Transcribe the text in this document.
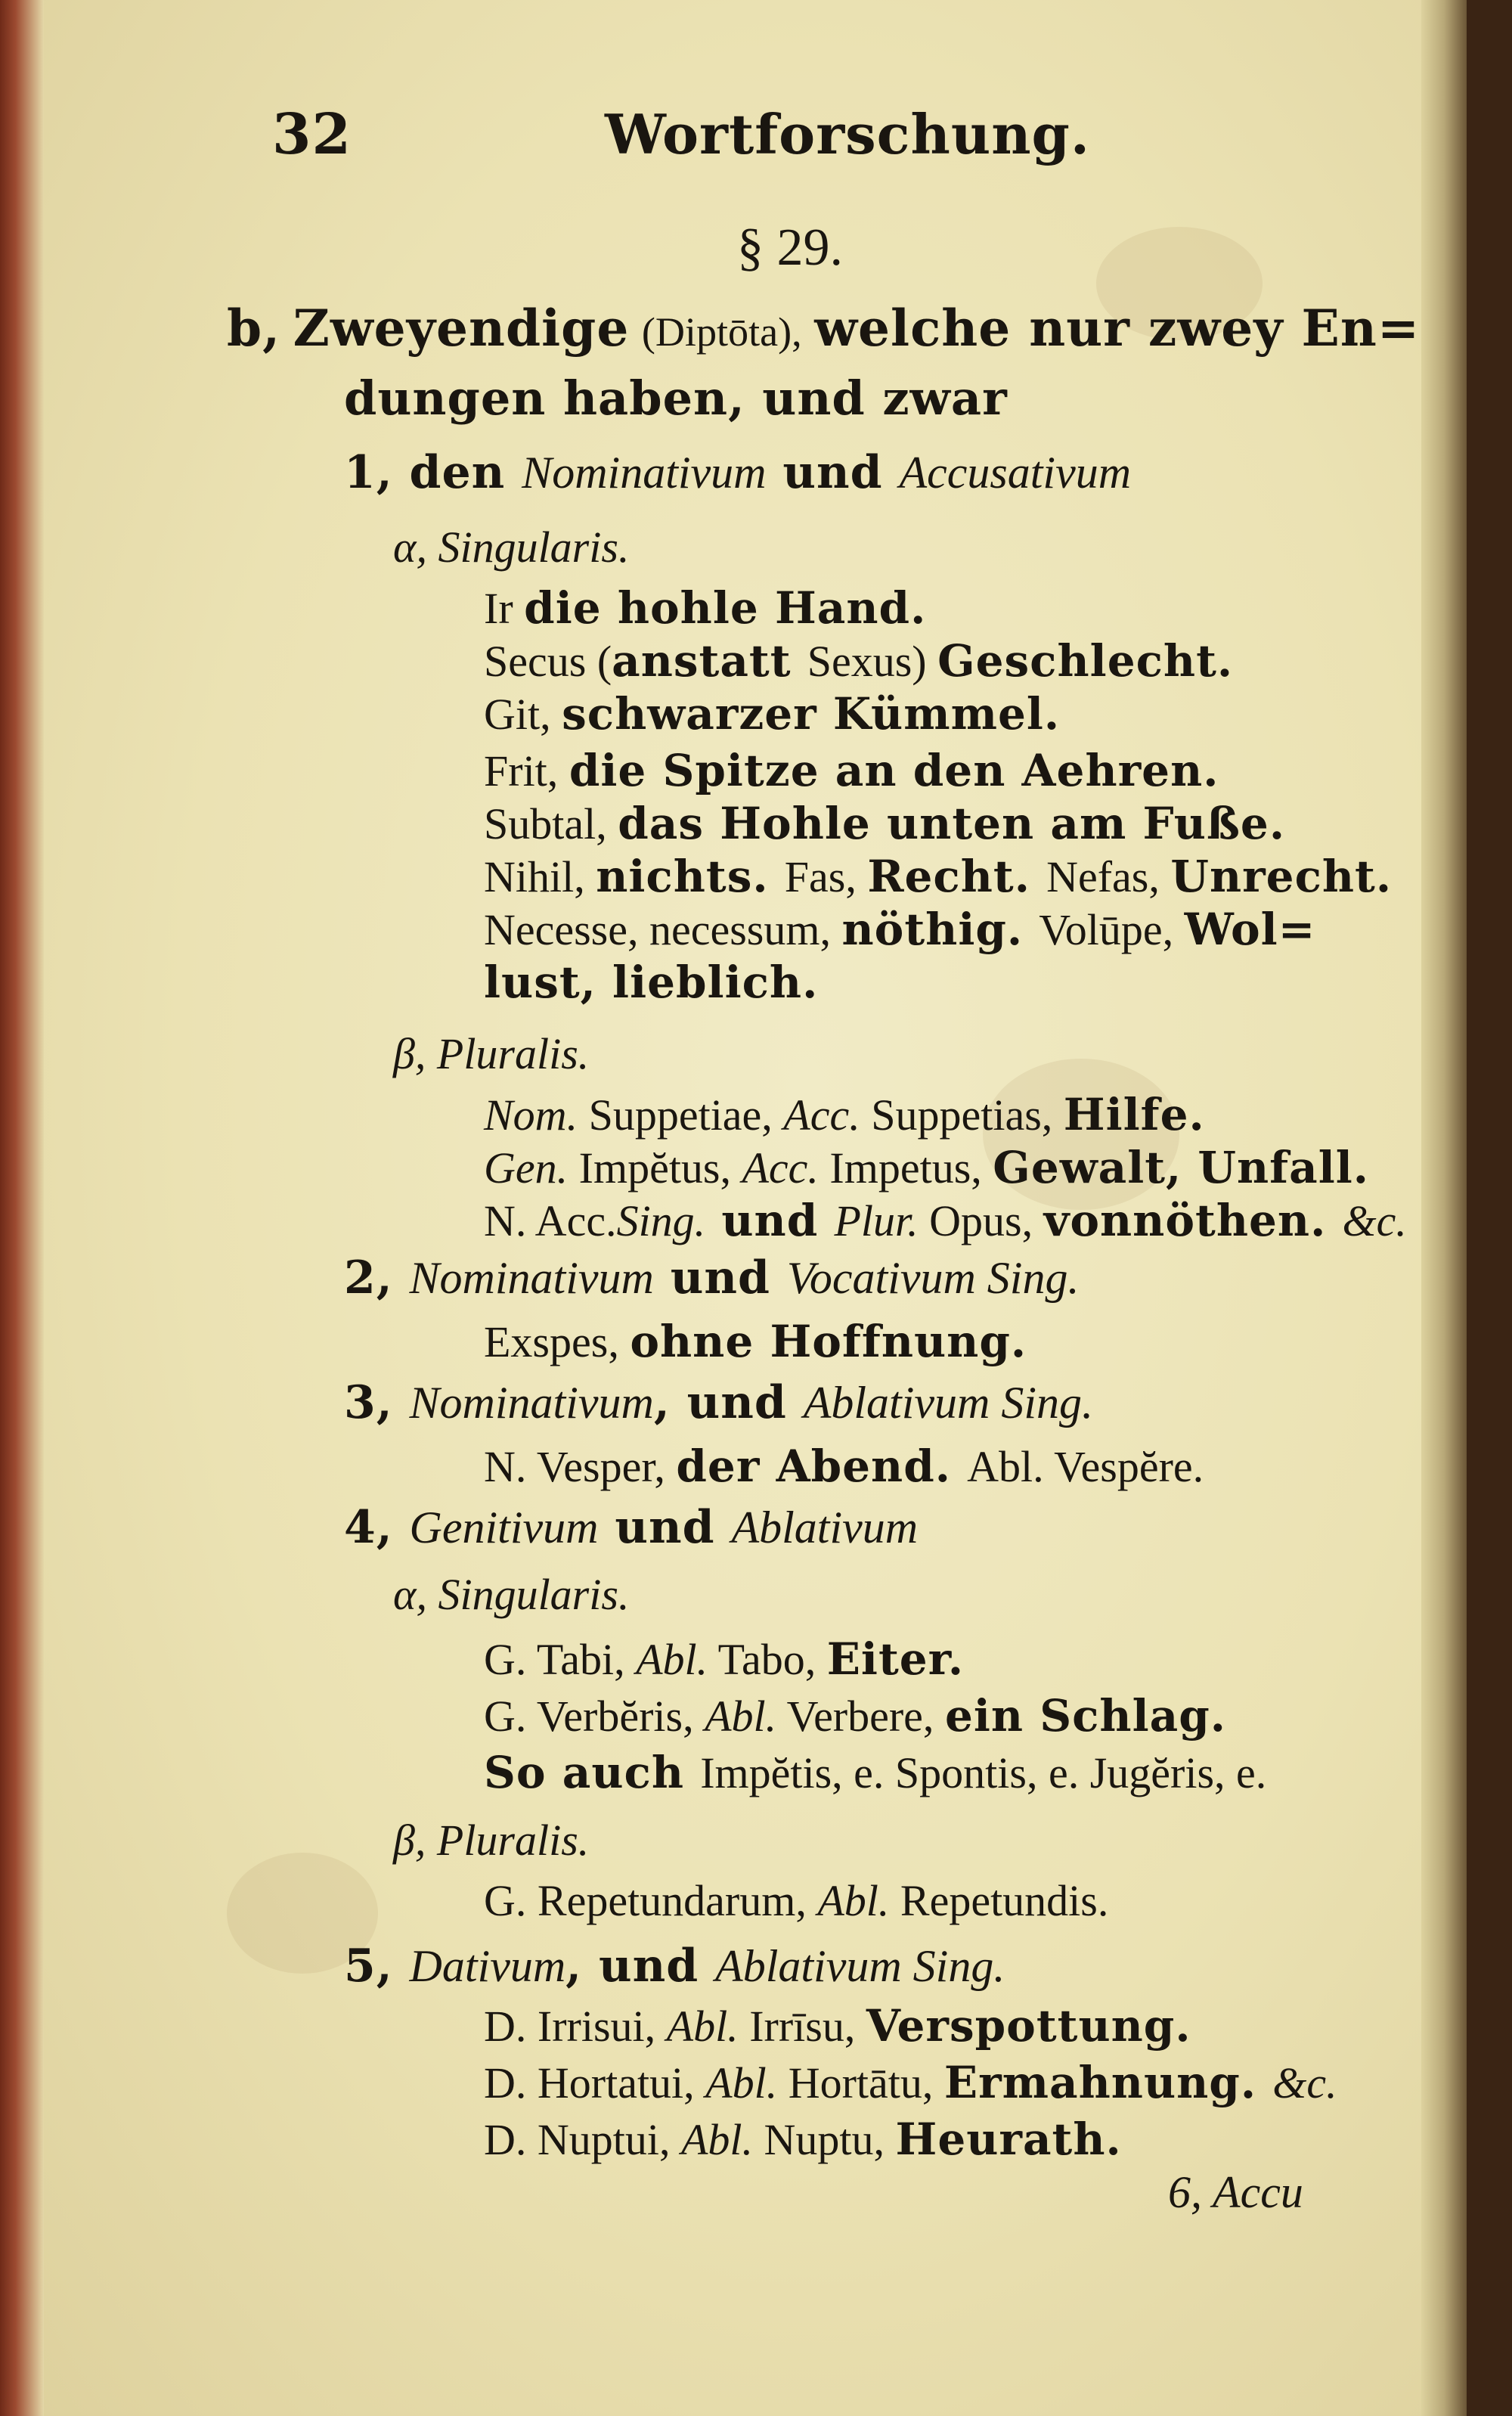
32	Wortforschung.
§ 29.
b, Zweyendige (Diptōta), welche nur zwey En=
dungen haben, und zwar
1, den Nominativum und Accusativum
α, Singularis.
Ir die hohle Hand.
Secus (anstatt Sexus) Geschlecht.
Git, schwarzer Kümmel.
Frit, die Spitze an den Aehren.
Subtal, das Hohle unten am Fuße.
Nihil, nichts. Fas, Recht. Nefas, Unrecht.
Necesse, necessum, nöthig. Volūpe, Wol=
lust, lieblich.
β, Pluralis.
Nom. Suppetiae, Acc. Suppetias, Hilfe.
Gen. Impĕtus, Acc. Impetus, Gewalt, Unfall.
N. Acc.Sing. und Plur. Opus, vonnöthen. &c.
2, Nominativum und Vocativum Sing.
Exspes, ohne Hoffnung.
3, Nominativum, und Ablativum Sing.
N. Vesper, der Abend. Abl. Vespĕre.
4, Genitivum und Ablativum
α, Singularis.
G. Tabi, Abl. Tabo, Eiter.
G. Verbĕris, Abl. Verbere, ein Schlag.
So auch Impĕtis, e. Spontis, e. Jugĕris, e.
β, Pluralis.
G. Repetundarum, Abl. Repetundis.
5, Dativum, und Ablativum Sing.
D. Irrisui, Abl. Irrīsu, Verspottung.
D. Hortatui, Abl. Hortātu, Ermahnung. &c.
D. Nuptui, Abl. Nuptu, Heurath.
6, Accu
